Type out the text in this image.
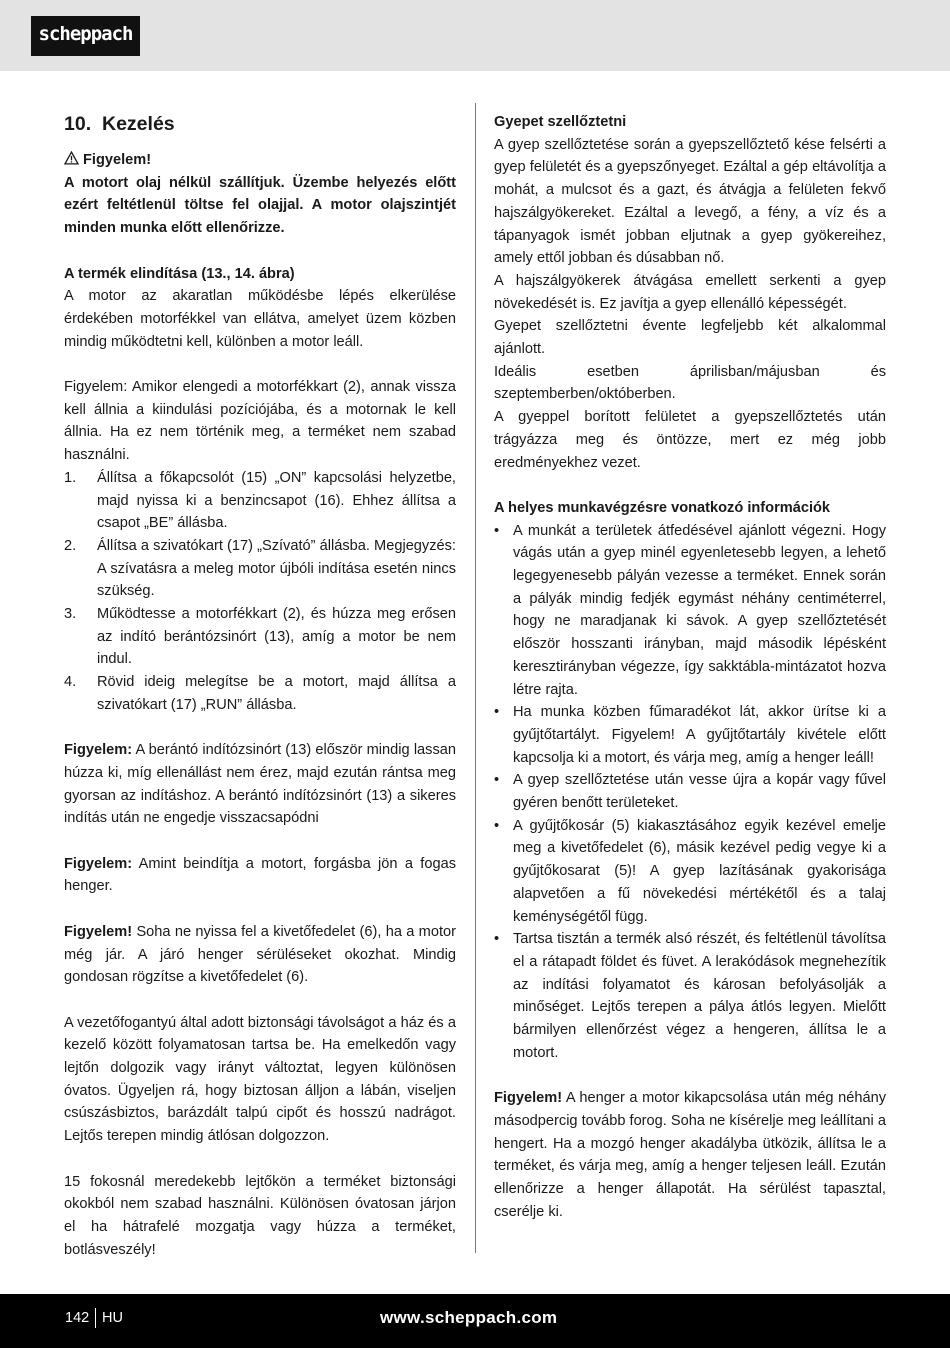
scheppach
10. Kezelés
Figyelem!
A motort olaj nélkül szállítjuk. Üzembe helyezés előtt ezért feltétlenül töltse fel olajjal. A motor olajszintjét minden munka előtt ellenőrizze.
A termék elindítása (13., 14. ábra)
A motor az akaratlan működésbe lépés elkerülése érdekében motorfékkel van ellátva, amelyet üzem közben mindig működtetni kell, különben a motor leáll.
Figyelem: Amikor elengedi a motorfékkart (2), annak vissza kell állnia a kiindulási pozíciójába, és a motornak le kell állnia. Ha ez nem történik meg, a terméket nem szabad használni.
1.	Állítsa a főkapcsolót (15) „ON” kapcsolási helyzetbe, majd nyissa ki a benzincsapot (16). Ehhez állítsa a csapot „BE” állásba.
2.	Állítsa a szivatókart (17) „Szívató” állásba. Megjegyzés: A szívatásra a meleg motor újbóli indítása esetén nincs szükség.
3.	Működtesse a motorfékkart (2), és húzza meg erősen az indító berántózsinórt (13), amíg a motor be nem indul.
4.	Rövid ideig melegítse be a motort, majd állítsa a szivatókart (17) „RUN” állásba.
Figyelem: A berántó indítózsinórt (13) először mindig lassan húzza ki, míg ellenállást nem érez, majd ezután rántsa meg gyorsan az indításhoz. A berántó indítózsinórt (13) a sikeres indítás után ne engedje visszacsapódni
Figyelem: Amint beindítja a motort, forgásba jön a fogas henger.
Figyelem! Soha ne nyissa fel a kivetőfedelet (6), ha a motor még jár. A járó henger sérüléseket okozhat. Mindig gondosan rögzítse a kivetőfedelet (6).
A vezetőfogantyú által adott biztonsági távolságot a ház és a kezelő között folyamatosan tartsa be. Ha emelkedőn vagy lejtőn dolgozik vagy irányt változtat, legyen különösen óvatos. Ügyeljen rá, hogy biztosan álljon a lábán, viseljen csúszásbiztos, barázdált talpú cipőt és hosszú nadrágot. Lejtős terepen mindig átlósan dolgozzon.
15 fokosnál meredekebb lejtőkön a terméket biztonsági okokból nem szabad használni. Különösen óvatosan járjon el ha hátrafelé mozgatja vagy húzza a terméket, botlásveszély!
Gyepet szellőztetni
A gyep szellőztetése során a gyepszellőztető kése felsérti a gyep felületét és a gyepszőnyeget. Ezáltal a gép eltávolítja a mohát, a mulcsot és a gazt, és átvágja a felületen fekvő hajszálgyökereket. Ezáltal a levegő, a fény, a víz és a tápanyagok ismét jobban eljutnak a gyep gyökereihez, amely ettől jobban és dúsabban nő.
A hajszálgyökerek átvágása emellett serkenti a gyep növekedését is. Ez javítja a gyep ellenálló képességét.
Gyepet szellőztetni évente legfeljebb két alkalommal ajánlott.
Ideális esetben áprilisban/májusban és szeptemberben/októberben.
A gyeppel borított felületet a gyepszellőztetés után trágyázza meg és öntözze, mert ez még jobb eredményekhez vezet.
A helyes munkavégzésre vonatkozó információk
• A munkát a területek átfedésével ajánlott végezni. Hogy vágás után a gyep minél egyenletesebb legyen, a lehető legegyenesebb pályán vezesse a terméket. Ennek során a pályák mindig fedjék egymást néhány centiméterrel, hogy ne maradjanak ki sávok. A gyep szellőztetését először hosszanti irányban, majd második lépésként keresztirányban végezze, így sakktábla-mintázatot hozva létre rajta.
• Ha munka közben fűmaradékot lát, akkor ürítse ki a gyűjtőtartályt. Figyelem! A gyűjtőtartály kivétele előtt kapcsolja ki a motort, és várja meg, amíg a henger leáll!
• A gyep szellőztetése után vesse újra a kopár vagy fűvel gyéren benőtt területeket.
• A gyűjtőkosár (5) kiakasztásához egyik kezével emelje meg a kivetőfedelet (6), másik kezével pedig vegye ki a gyűjtőkosarat (5)! A gyep lazításának gyakorisága alapvetően a fű növekedési mértékétől és a talaj keménységétől függ.
• Tartsa tisztán a termék alsó részét, és feltétlenül távolítsa el a rátapadt földet és füvet. A lerakódások megnehezítik az indítási folyamatot és károsan befolyásolják a minőséget. Lejtős terepen a pálya átlós legyen. Mielőtt bármilyen ellenőrzést végez a hengeren, állítsa le a motort.
Figyelem! A henger a motor kikapcsolása után még néhány másodpercig tovább forog. Soha ne kísérelje meg leállítani a hengert. Ha a mozgó henger akadályba ütközik, állítsa le a terméket, és várja meg, amíg a henger teljesen leáll. Ezután ellenőrizze a henger állapotát. Ha sérülést tapasztal, cserélje ki.
142 HU	www.scheppach.com
